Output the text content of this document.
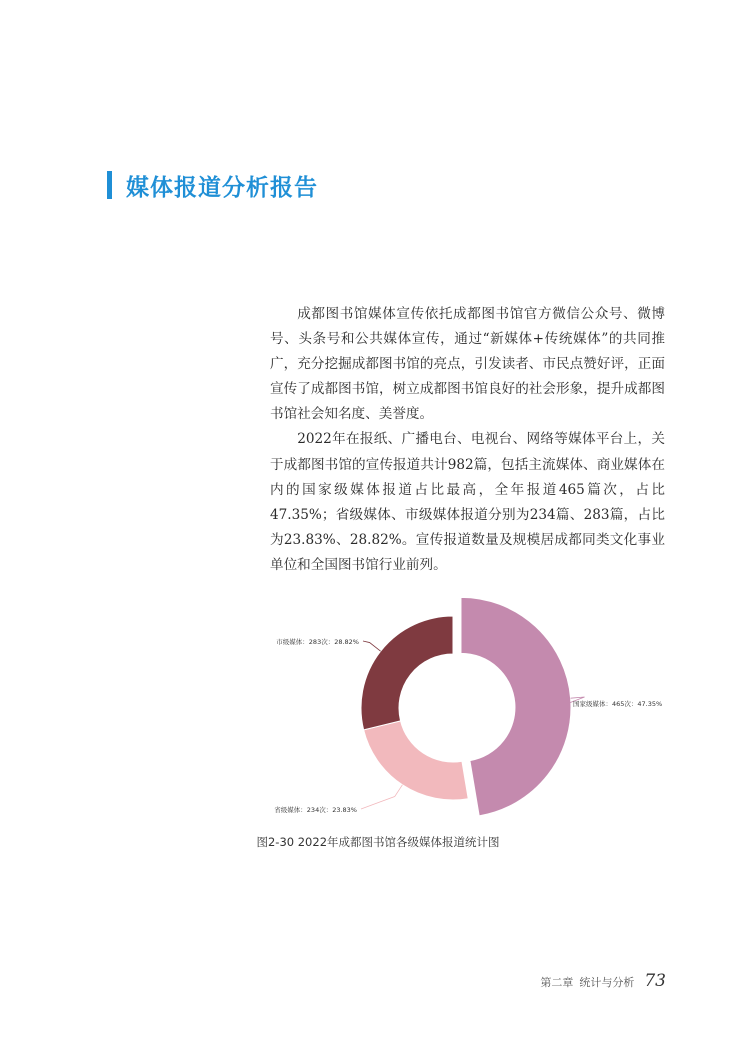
媒体报道分析报告

成都图书馆媒体宣传依托成都图书馆官方微信公众号、微博号、头条号和公共媒体宣传，通过“新媒体+传统媒体”的共同推广，充分挖掘成都图书馆的亮点，引发读者、市民点赞好评，正面宣传了成都图书馆，树立成都图书馆良好的社会形象，提升成都图书馆社会知名度、美誉度。

2022年在报纸、广播电台、电视台、网络等媒体平台上，关于成都图书馆的宣传报道共计982篇，包括主流媒体、商业媒体在内的国家级媒体报道占比最高，全年报道465篇次，占比47.35%；省级媒体、市级媒体报道分别为234篇、283篇，占比为23.83%、28.82%。宣传报道数量及规模居成都同类文化事业单位和全国图书馆行业前列。

国家级媒体：465次：47.35%
省级媒体：234次：23.83%
市级媒体：283次：28.82%
图2-30 2022年成都图书馆各级媒体报道统计图
第二章 统计与分析 73
